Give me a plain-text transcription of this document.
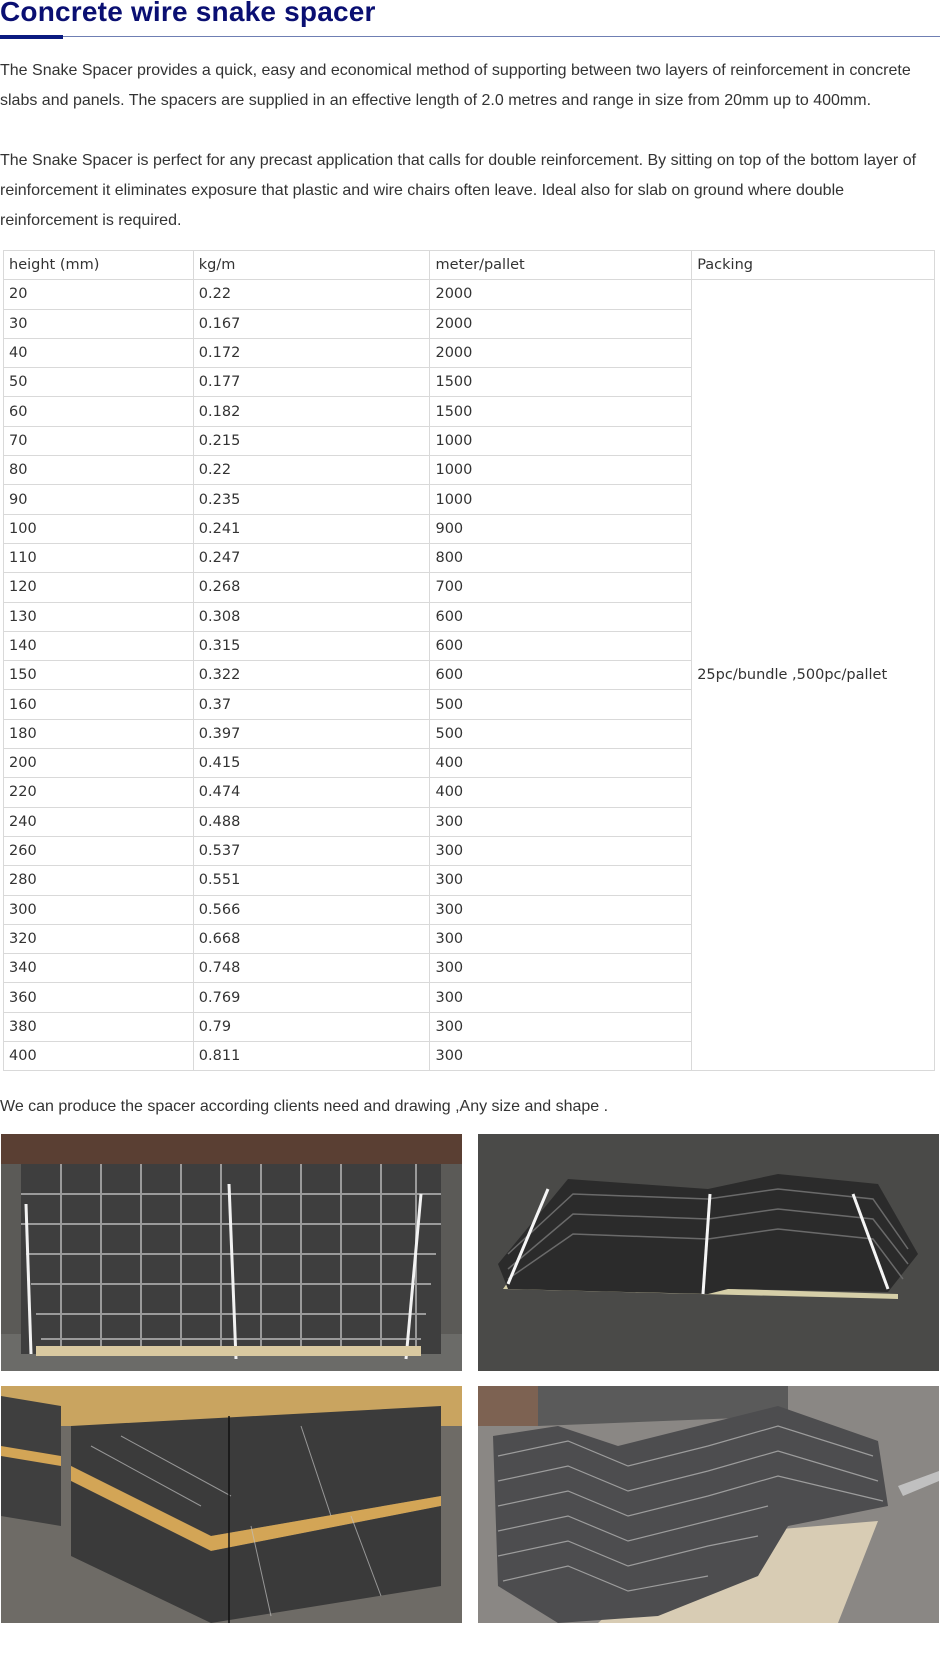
Concrete wire snake spacer

The Snake Spacer provides a quick, easy and economical method of supporting between two layers of reinforcement in concrete slabs and panels. The spacers are supplied in an effective length of 2.0 metres and range in size from 20mm up to 400mm.

The Snake Spacer is perfect for any precast application that calls for double reinforcement. By sitting on top of the bottom layer of reinforcement it eliminates exposure that plastic and wire chairs often leave. Ideal also for slab on ground where double reinforcement is required.

height (mm)	kg/m	meter/pallet	Packing
20	0.22	2000	25pc/bundle ,500pc/pallet
30	0.167	2000	
40	0.172	2000	
50	0.177	1500	
60	0.182	1500	
70	0.215	1000	
80	0.22	1000	
90	0.235	1000	
100	0.241	900	
110	0.247	800	
120	0.268	700	
130	0.308	600	
140	0.315	600	
150	0.322	600	
160	0.37	500	
180	0.397	500	
200	0.415	400	
220	0.474	400	
240	0.488	300	
260	0.537	300	
280	0.551	300	
300	0.566	300	
320	0.668	300	
340	0.748	300	
360	0.769	300	
380	0.79	300	
400	0.811	300	

We can produce the spacer according clients need and drawing ,Any size and shape .
